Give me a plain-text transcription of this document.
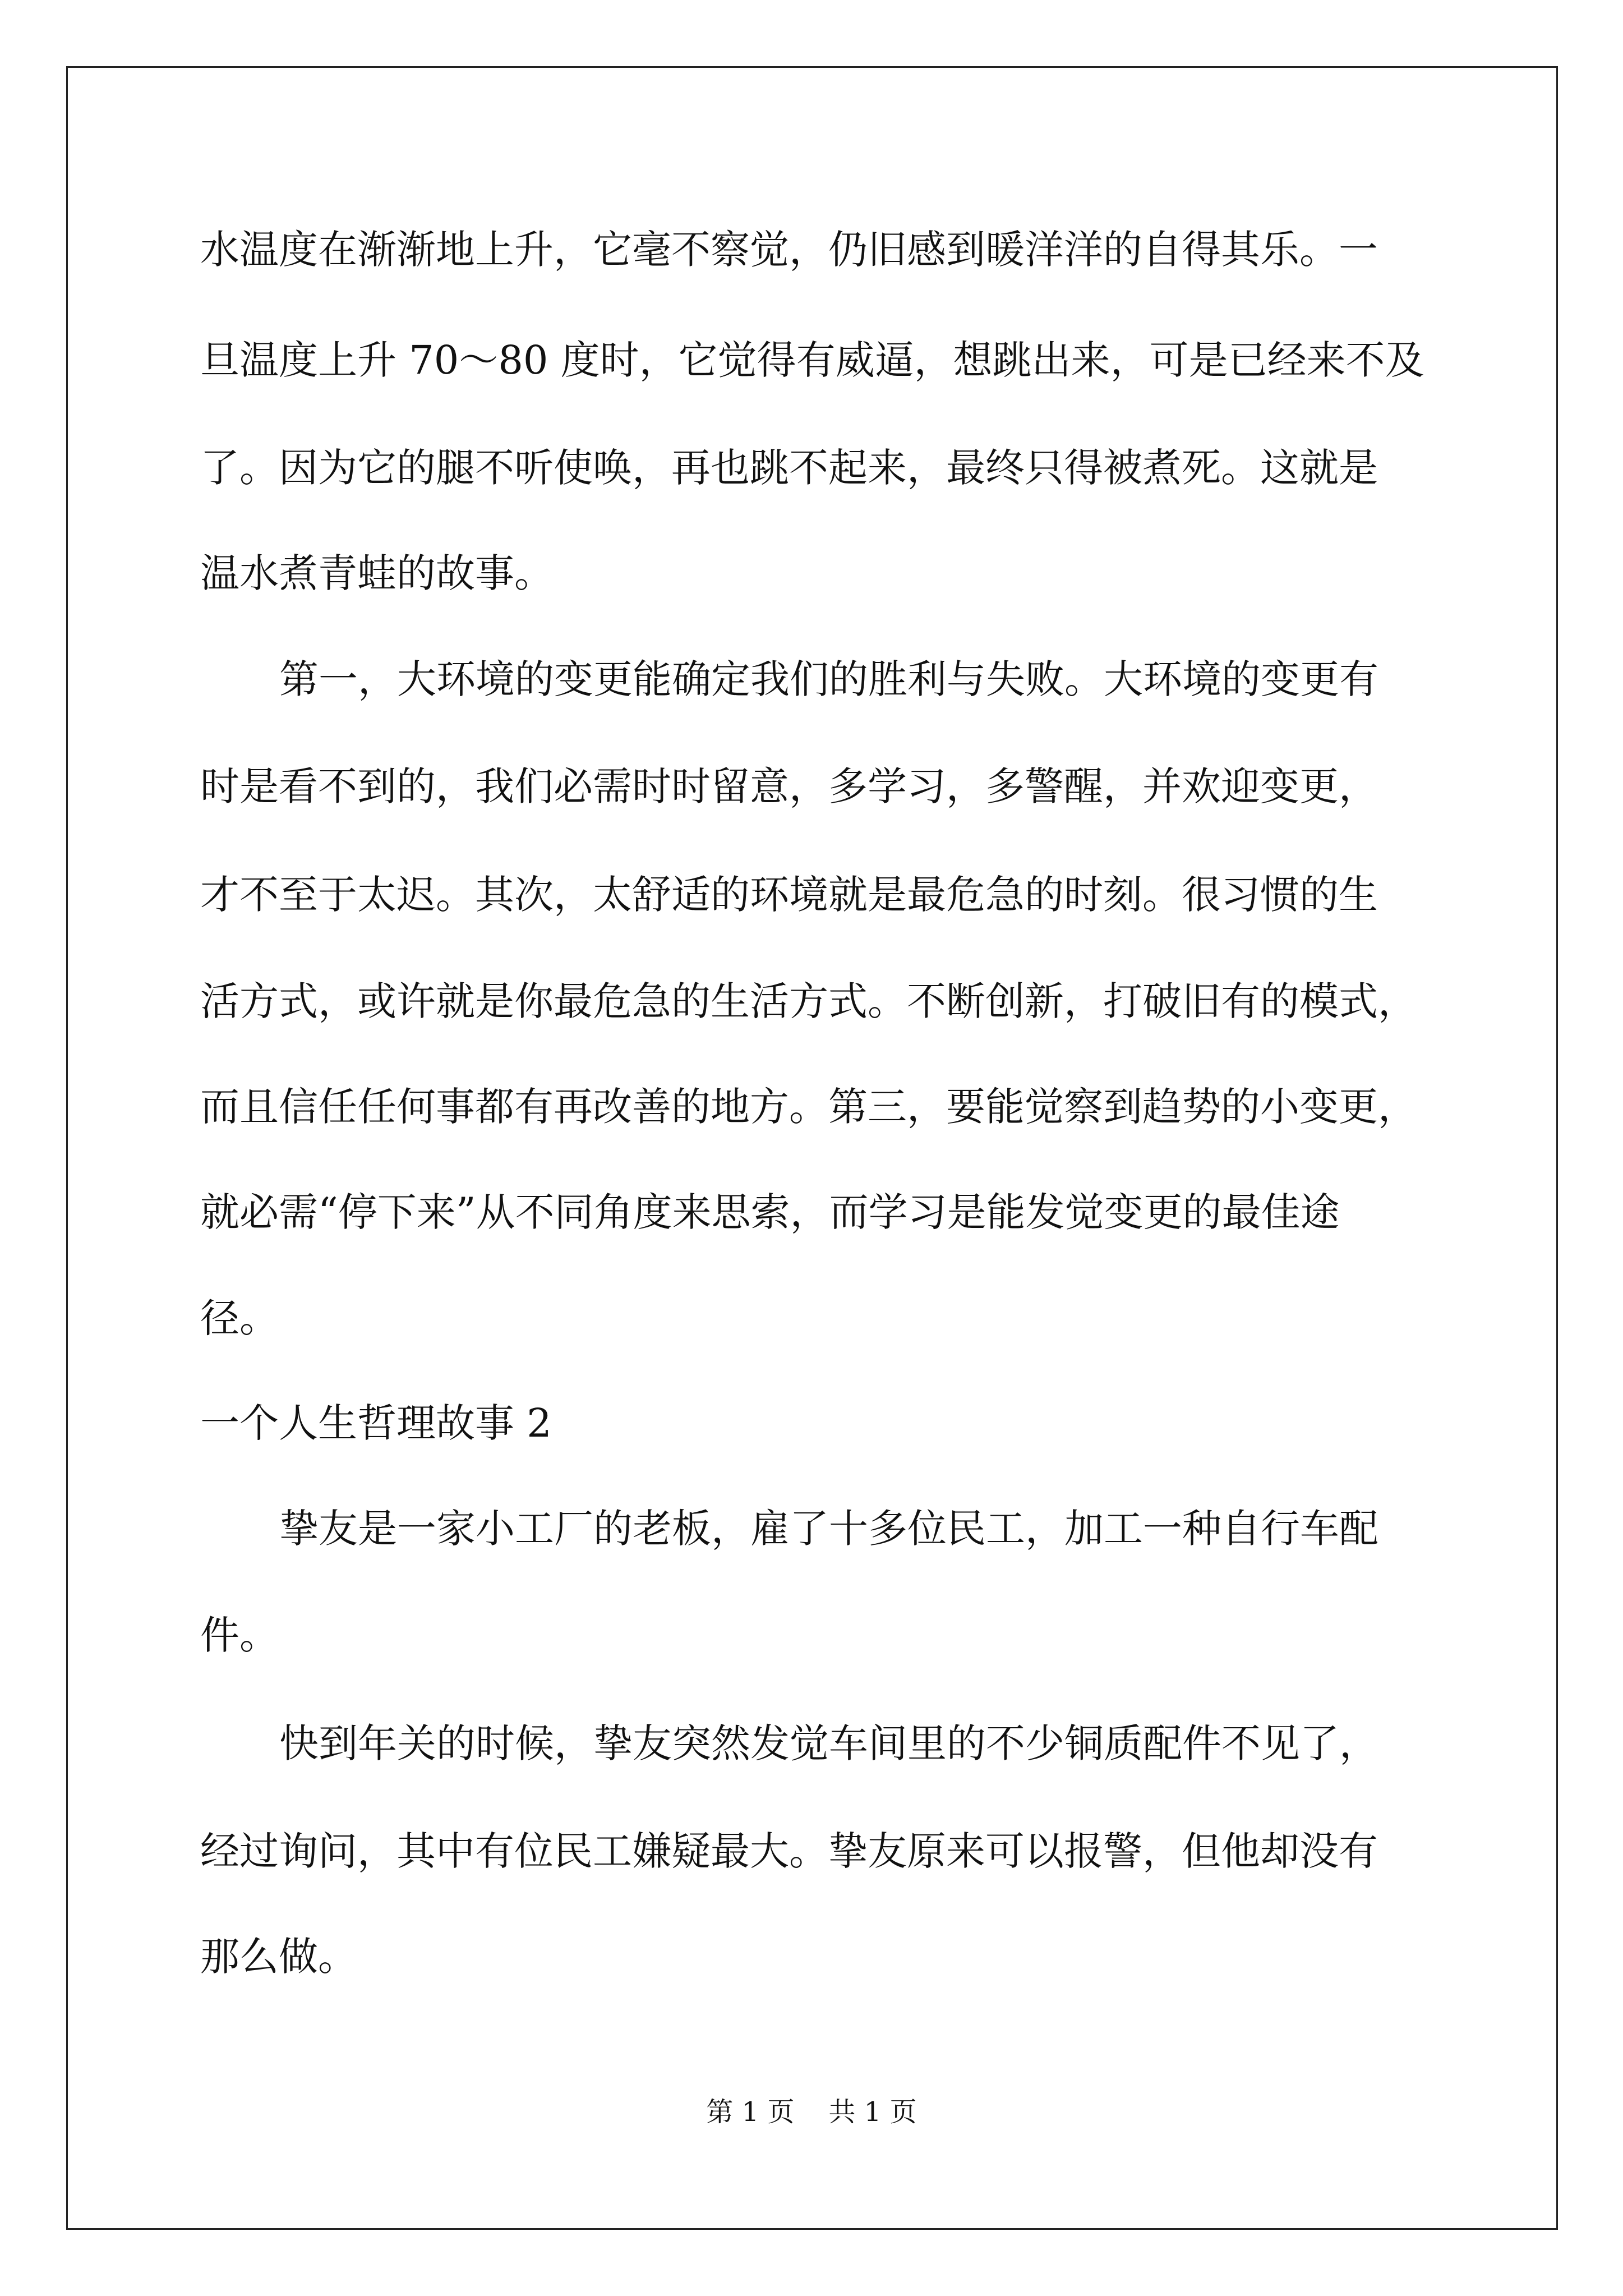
水温度在渐渐地上升，它毫不察觉，仍旧感到暖洋洋的自得其乐。一
旦温度上升 70～80 度时，它觉得有威逼，想跳出来，可是已经来不及
了。因为它的腿不听使唤，再也跳不起来，最终只得被煮死。这就是
温水煮青蛙的故事。
第一，大环境的变更能确定我们的胜利与失败。大环境的变更有
时是看不到的，我们必需时时留意，多学习，多警醒，并欢迎变更，
才不至于太迟。其次，太舒适的环境就是最危急的时刻。很习惯的生
活方式，或许就是你最危急的生活方式。不断创新，打破旧有的模式，
而且信任任何事都有再改善的地方。第三，要能觉察到趋势的小变更，
就必需“停下来”从不同角度来思索，而学习是能发觉变更的最佳途
径。
一个人生哲理故事 2
挚友是一家小工厂的老板，雇了十多位民工，加工一种自行车配
件。
快到年关的时候，挚友突然发觉车间里的不少铜质配件不见了，
经过询问，其中有位民工嫌疑最大。挚友原来可以报警，但他却没有
那么做。
第 1 页    共 1 页
